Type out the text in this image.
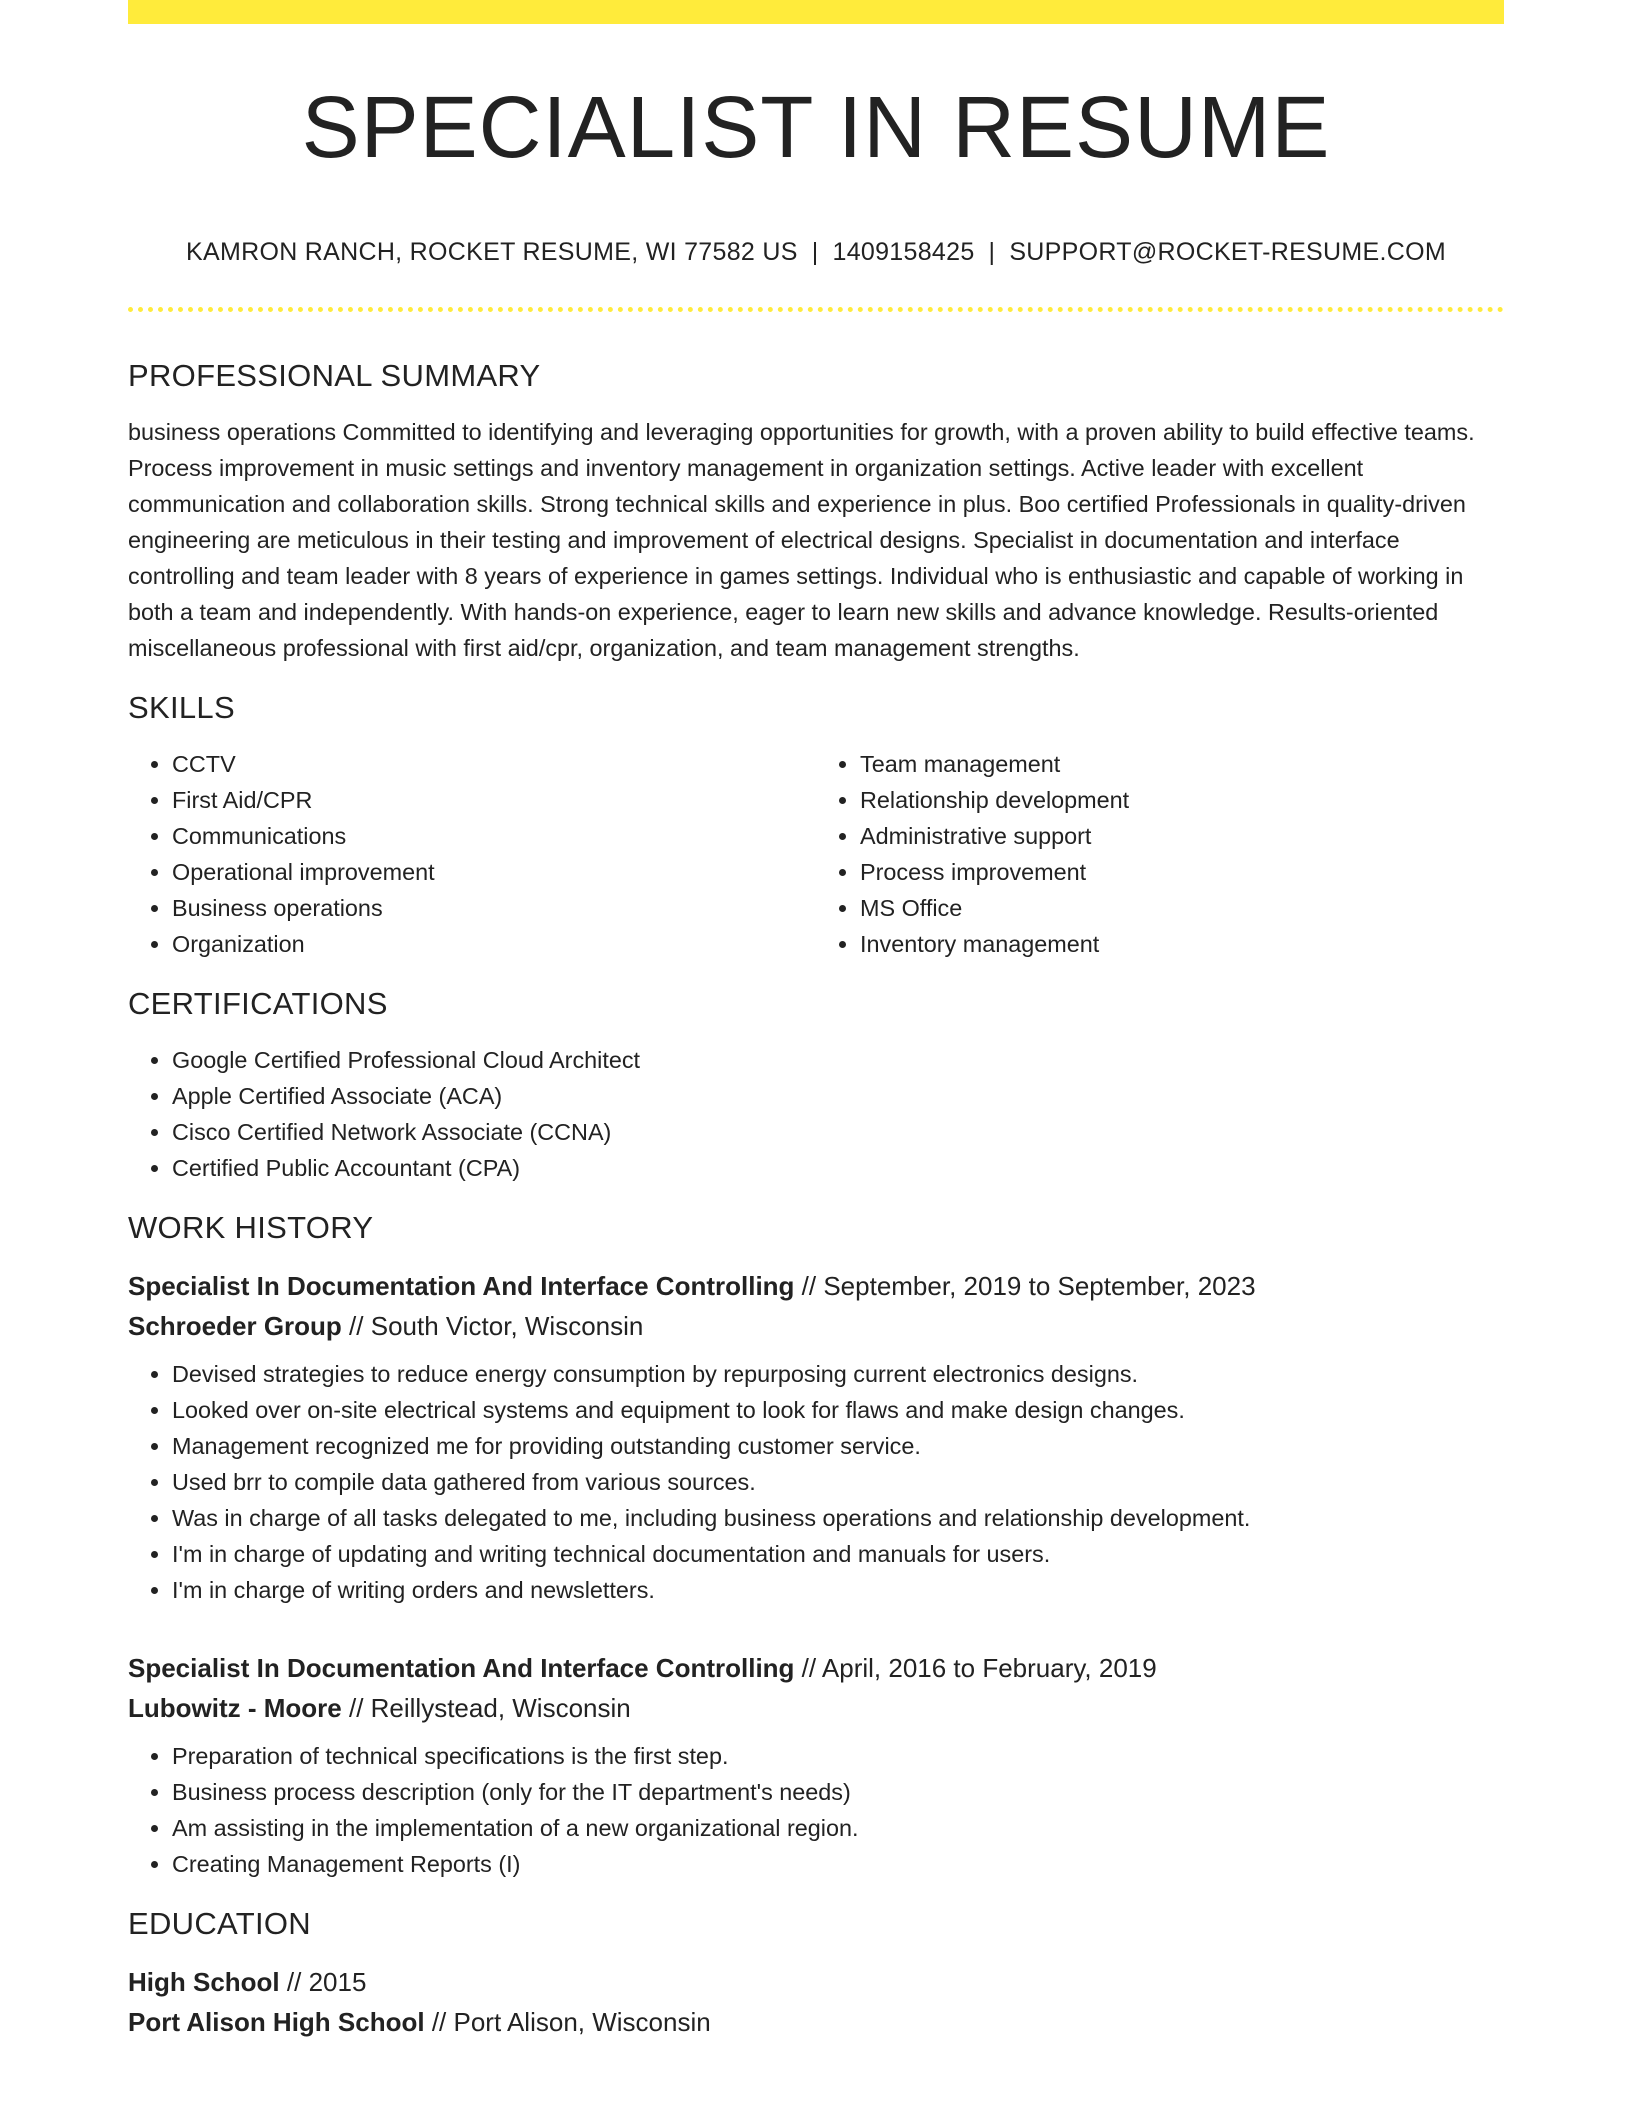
SPECIALIST IN RESUME
KAMRON RANCH, ROCKET RESUME, WI 77582 US | 1409158425 | SUPPORT@ROCKET-RESUME.COM
PROFESSIONAL SUMMARY

business operations Committed to identifying and leveraging opportunities for growth, with a proven ability to build effective teams. Process improvement in music settings and inventory management in organization settings. Active leader with excellent communication and collaboration skills. Strong technical skills and experience in plus. Boo certified Professionals in quality-driven engineering are meticulous in their testing and improvement of electrical designs. Specialist in documentation and interface controlling and team leader with 8 years of experience in games settings. Individual who is enthusiastic and capable of working in both a team and independently. With hands-on experience, eager to learn new skills and advance knowledge. Results-oriented miscellaneous professional with first aid/cpr, organization, and team management strengths.

SKILLS
• CCTV
• First Aid/CPR
• Communications
• Operational improvement
• Business operations
• Organization
• Team management
• Relationship development
• Administrative support
• Process improvement
• MS Office
• Inventory management
CERTIFICATIONS
• Google Certified Professional Cloud Architect
• Apple Certified Associate (ACA)
• Cisco Certified Network Associate (CCNA)
• Certified Public Accountant (CPA)
WORK HISTORY
Specialist In Documentation And Interface Controlling // September, 2019 to September, 2023
Schroeder Group // South Victor, Wisconsin
• Devised strategies to reduce energy consumption by repurposing current electronics designs.
• Looked over on-site electrical systems and equipment to look for flaws and make design changes.
• Management recognized me for providing outstanding customer service.
• Used brr to compile data gathered from various sources.
• Was in charge of all tasks delegated to me, including business operations and relationship development.
• I'm in charge of updating and writing technical documentation and manuals for users.
• I'm in charge of writing orders and newsletters.
Specialist In Documentation And Interface Controlling // April, 2016 to February, 2019
Lubowitz - Moore // Reillystead, Wisconsin
• Preparation of technical specifications is the first step.
• Business process description (only for the IT department's needs)
• Am assisting in the implementation of a new organizational region.
• Creating Management Reports (I)
EDUCATION
High School // 2015
Port Alison High School // Port Alison, Wisconsin
